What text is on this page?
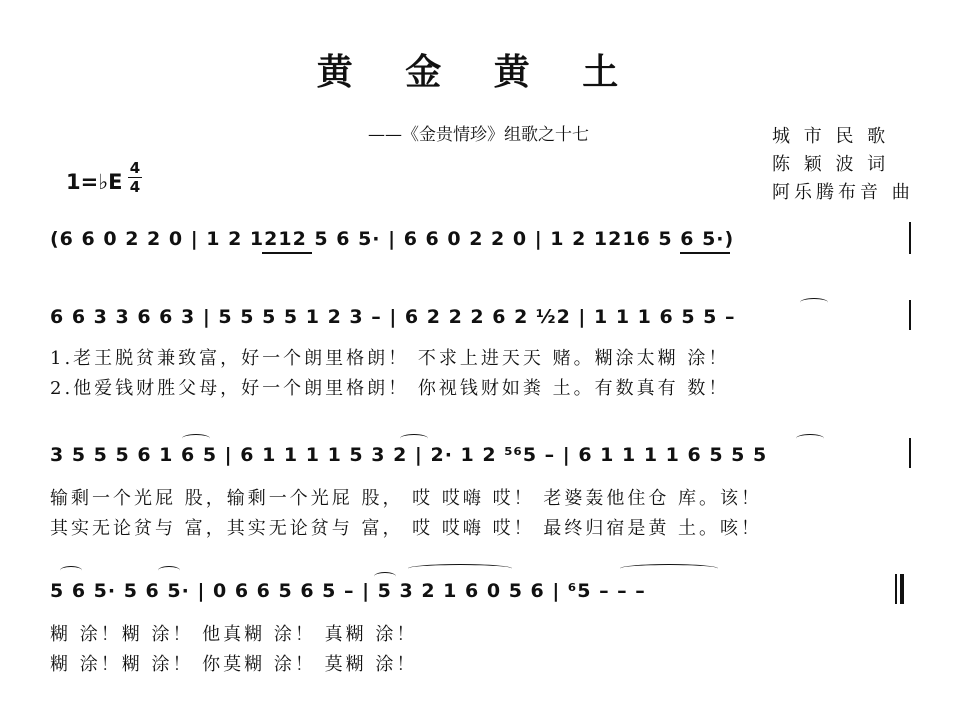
黄 金 黄 土
——《金贵情珍》组歌之十七	城 市 民 歌
陈 颖 波 词
阿乐腾布音 曲
1=♭E
4
4
(6 6 0 2 2 0 | 1 2 1212 5 6 5· | 6 6 0 2 2 0 | 1 2 1216 5 6 5·)
6 6 3 3 6 6 3 | 5 5 5 5 1 2 3 – | 6 2 2 2 6 2 ½2 | 1 1 1 6 5 5 –
1.老王脱贫兼致富，好一个朗里格朗！ 不求上进天天 赌。糊涂太糊 涂！
2.他爱钱财胜父母，好一个朗里格朗！ 你视钱财如粪 土。有数真有 数！
3 5 5 5 6 1 6 5 | 6 1 1 1 1 5 3 2 | 2· 1 2 ⁵⁶5 – | 6 1 1 1 1 6 5 5 5
输剩一个光屁 股，输剩一个光屁 股， 哎 哎嗨 哎！ 老婆轰他住仓 库。该！
其实无论贫与 富，其实无论贫与 富， 哎 哎嗨 哎！ 最终归宿是黄 土。咳！
5 6 5· 5 6 5· | 0 6 6 5 6 5 – | 5 3 2 1 6 0 5 6 | ⁶5 – – –
糊 涂！糊 涂！ 他真糊 涂！ 真糊 涂！
糊 涂！糊 涂！ 你莫糊 涂！ 莫糊 涂！
